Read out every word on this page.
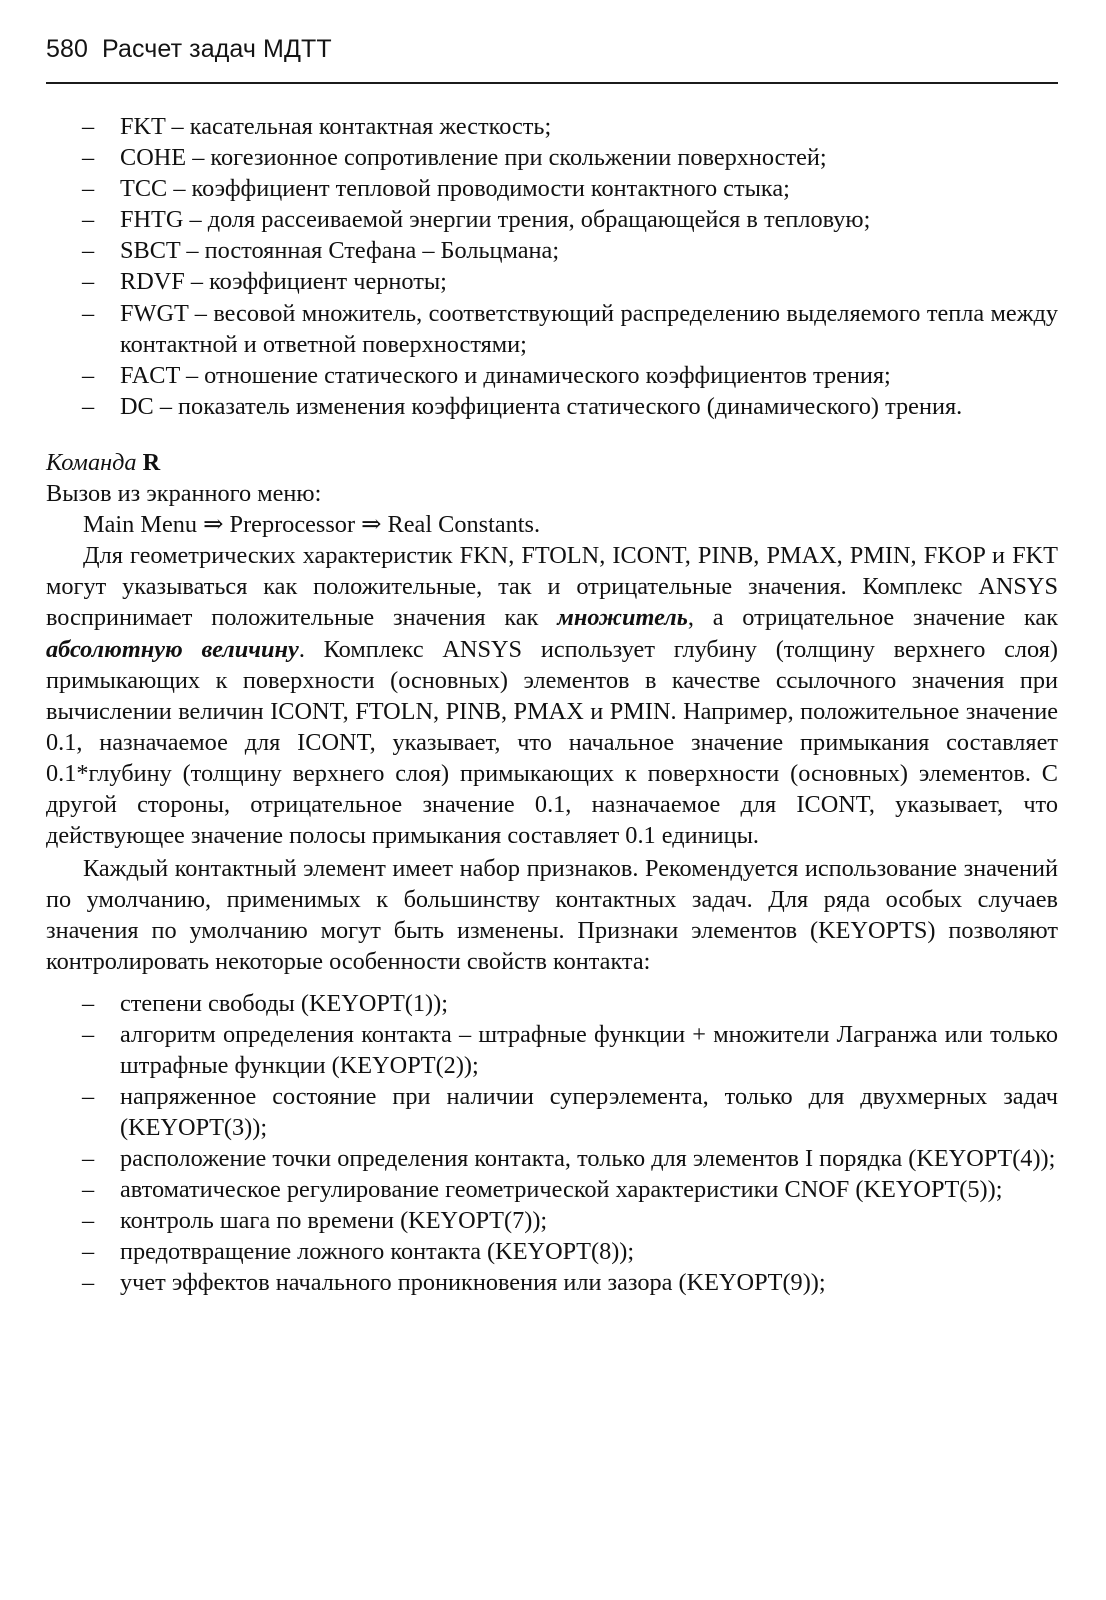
580 Расчет задач МДТТ
– FKT – касательная контактная жесткость;
– COHE – когезионное сопротивление при скольжении поверхностей;
– TCC – коэффициент тепловой проводимости контактного стыка;
– FHTG – доля рассеиваемой энергии трения, обращающейся в тепловую;
– SBCT – постоянная Стефана – Больцмана;
– RDVF – коэффициент черноты;
– FWGT – весовой множитель, соответствующий распределению выделяемого тепла между контактной и ответной поверхностями;
– FACT – отношение статического и динамического коэффициентов трения;
– DC – показатель изменения коэффициента статического (динамического) трения.
Команда R

Вызов из экранного меню:

Main Menu ⇒ Preprocessor ⇒ Real Constants.

Для геометрических характеристик FKN, FTOLN, ICONT, PINB, PMAX, PMIN, FKOP и FKT могут указываться как положительные, так и отрицательные значения. Комплекс ANSYS воспринимает положительные значения как множитель, а отрицательное значение как абсолютную величину. Комплекс ANSYS использует глубину (толщину верхнего слоя) примыкающих к поверхности (основных) элементов в качестве ссылочного значения при вычислении величин ICONT, FTOLN, PINB, PMAX и PMIN. Например, положительное значение 0.1, назначаемое для ICONT, указывает, что начальное значение примыкания составляет 0.1*глубину (толщину верхнего слоя) примыкающих к поверхности (основных) элементов. С другой стороны, отрицательное значение 0.1, назначаемое для ICONT, указывает, что действующее значение полосы примыкания составляет 0.1 единицы.

Каждый контактный элемент имеет набор признаков. Рекомендуется использование значений по умолчанию, применимых к большинству контактных задач. Для ряда особых случаев значения по умолчанию могут быть изменены. Признаки элементов (KEYOPTS) позволяют контролировать некоторые особенности свойств контакта:

– степени свободы (KEYOPT(1));
– алгоритм определения контакта – штрафные функции + множители Лагранжа или только штрафные функции (KEYOPT(2));
– напряженное состояние при наличии суперэлемента, только для двухмерных задач (KEYOPT(3));
– расположение точки определения контакта, только для элементов I порядка (KEYOPT(4));
– автоматическое регулирование геометрической характеристики CNOF (KEYOPT(5));
– контроль шага по времени (KEYOPT(7));
– предотвращение ложного контакта (KEYOPT(8));
– учет эффектов начального проникновения или зазора (KEYOPT(9));
